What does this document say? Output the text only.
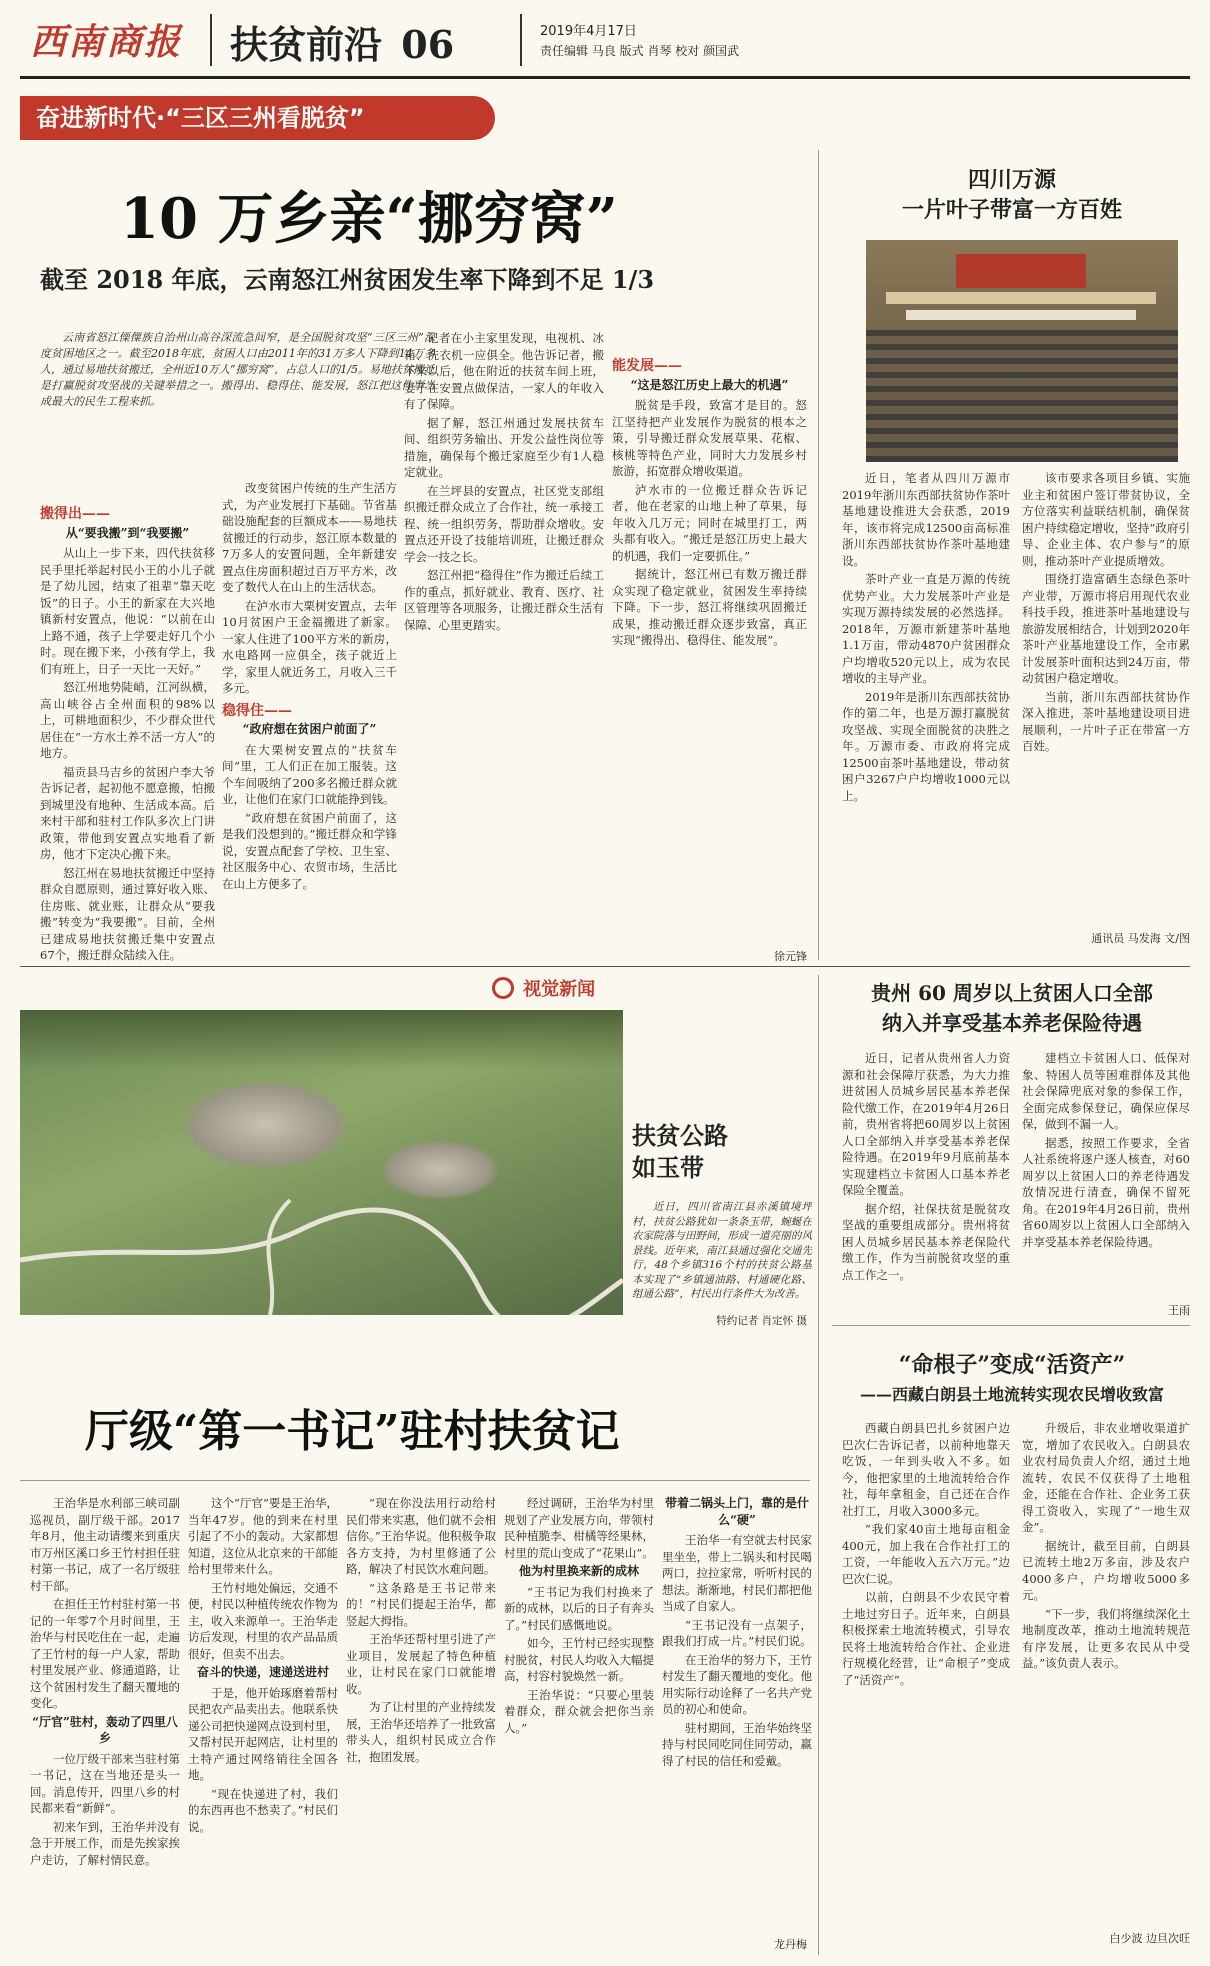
西南商报 扶贫前沿 06	2019年4月17日
责任编辑 马良 版式 肖琴 校对 颜国武
奋进新时代·“三区三州看脱贫”
10 万乡亲“挪穷窝”
截至 2018 年底，云南怒江州贫困发生率下降到不足 1/3

云南省怒江傈僳族自治州山高谷深流急间窄，是全国脱贫攻坚“三区三州”深度贫困地区之一。截至2018年底，贫困人口由2011年的31万多人下降到14万多人，通过易地扶贫搬迁，全州近10万人“挪穷窝”，占总人口的1/5。易地扶贫搬迁是打赢脱贫攻坚战的关键举措之一。搬得出、稳得住、能发展，怒江把这件事当成最大的民生工程来抓。

搬得出——
从“要我搬”到“我要搬”

从山上一步下来，四代扶贫移民手里托举起村民小王的小儿子就是了幼儿园，结束了祖辈“靠天吃饭”的日子。小王的新家在大兴地镇新村安置点，他说：“以前在山上路不通，孩子上学要走好几个小时。现在搬下来，小孩有学上，我们有班上，日子一天比一天好。”

怒江州地势陡峭，江河纵横，高山峡谷占全州面积的98%以上，可耕地面积少，不少群众世代居住在“一方水土养不活一方人”的地方。

福贡县马吉乡的贫困户李大爷告诉记者，起初他不愿意搬，怕搬到城里没有地种、生活成本高。后来村干部和驻村工作队多次上门讲政策，带他到安置点实地看了新房，他才下定决心搬下来。

怒江州在易地扶贫搬迁中坚持群众自愿原则，通过算好收入账、住房账、就业账，让群众从“要我搬”转变为“我要搬”。目前，全州已建成易地扶贫搬迁集中安置点67个，搬迁群众陆续入住。

改变贫困户传统的生产生活方式，为产业发展打下基础。节省基础设施配套的巨额成本——易地扶贫搬迁的行动步，怒江原本数量的7万多人的安置问题，全年新建安置点住房面积超过百万平方米，改变了数代人在山上的生活状态。

在泸水市大栗树安置点，去年10月贫困户王金福搬进了新家。一家人住进了100平方米的新房，水电路网一应俱全，孩子就近上学，家里人就近务工，月收入三千多元。

稳得住——
“政府想在贫困户前面了”

在大栗树安置点的“扶贫车间”里，工人们正在加工服装。这个车间吸纳了200多名搬迁群众就业，让他们在家门口就能挣到钱。

“政府想在贫困户前面了，这是我们没想到的。”搬迁群众和学锋说，安置点配套了学校、卫生室、社区服务中心、农贸市场，生活比在山上方便多了。

记者在小主家里发现，电视机、冰箱、洗衣机一应俱全。他告诉记者，搬下来以后，他在附近的扶贫车间上班，妻子在安置点做保洁，一家人的年收入有了保障。

据了解，怒江州通过发展扶贫车间、组织劳务输出、开发公益性岗位等措施，确保每个搬迁家庭至少有1人稳定就业。

在兰坪县的安置点，社区党支部组织搬迁群众成立了合作社，统一承接工程、统一组织劳务，帮助群众增收。安置点还开设了技能培训班，让搬迁群众学会一技之长。

怒江州把“稳得住”作为搬迁后续工作的重点，抓好就业、教育、医疗、社区管理等各项服务，让搬迁群众生活有保障、心里更踏实。

能发展——
“这是怒江历史上最大的机遇”

脱贫是手段，致富才是目的。怒江坚持把产业发展作为脱贫的根本之策，引导搬迁群众发展草果、花椒、核桃等特色产业，同时大力发展乡村旅游，拓宽群众增收渠道。

泸水市的一位搬迁群众告诉记者，他在老家的山地上种了草果，每年收入几万元；同时在城里打工，两头都有收入。“搬迁是怒江历史上最大的机遇，我们一定要抓住。”

据统计，怒江州已有数万搬迁群众实现了稳定就业，贫困发生率持续下降。下一步，怒江将继续巩固搬迁成果，推动搬迁群众逐步致富，真正实现“搬得出、稳得住、能发展”。

徐元锋
四川万源
一片叶子带富一方百姓

近日，笔者从四川万源市2019年浙川东西部扶贫协作茶叶基地建设推进大会获悉，2019年，该市将完成12500亩高标准浙川东西部扶贫协作茶叶基地建设。

茶叶产业一直是万源的传统优势产业。大力发展茶叶产业是实现万源持续发展的必然选择。2018年，万源市新建茶叶基地1.1万亩，带动4870户贫困群众户均增收520元以上，成为农民增收的主导产业。

2019年是浙川东西部扶贫协作的第二年，也是万源打赢脱贫攻坚战、实现全面脱贫的决胜之年。万源市委、市政府将完成12500亩茶叶基地建设，带动贫困户3267户户均增收1000元以上。

该市要求各项目乡镇、实施业主和贫困户签订带贫协议，全方位落实利益联结机制，确保贫困户持续稳定增收，坚持“政府引导、企业主体、农户参与”的原则，推动茶叶产业提质增效。

围绕打造富硒生态绿色茶叶产业带，万源市将启用现代农业科技手段，推进茶叶基地建设与旅游发展相结合，计划到2020年茶叶产业基地建设工作，全市累计发展茶叶面积达到24万亩，带动贫困户稳定增收。

当前，浙川东西部扶贫协作深入推进，茶叶基地建设项目进展顺利，一片叶子正在带富一方百姓。

通讯员 马发海 文/图
视觉新闻
扶贫公路
如玉带

近日，四川省南江县赤溪镇境坪村，扶贫公路犹如一条条玉带，蜿蜒在农家院落与田野间，形成一道亮丽的风景线。近年来，南江县通过强化交通先行，48个乡镇316个村的扶贫公路基本实现了“乡镇通油路、村通硬化路、组通公路”，村民出行条件大为改善。

特约记者 肖定怀 摄
贵州 60 周岁以上贫困人口全部
纳入并享受基本养老保险待遇

近日，记者从贵州省人力资源和社会保障厅获悉，为大力推进贫困人员城乡居民基本养老保险代缴工作，在2019年4月26日前，贵州省将把60周岁以上贫困人口全部纳入并享受基本养老保险待遇。在2019年9月底前基本实现建档立卡贫困人口基本养老保险全覆盖。

据介绍，社保扶贫是脱贫攻坚战的重要组成部分。贵州将贫困人员城乡居民基本养老保险代缴工作，作为当前脱贫攻坚的重点工作之一。

建档立卡贫困人口、低保对象、特困人员等困难群体及其他社会保障兜底对象的参保工作，全面完成参保登记，确保应保尽保，做到不漏一人。

据悉，按照工作要求，全省人社系统将逐户逐人核查，对60周岁以上贫困人口的养老待遇发放情况进行清查，确保不留死角。在2019年4月26日前，贵州省60周岁以上贫困人口全部纳入并享受基本养老保险待遇。

王雨
“命根子”变成“活资产”
——西藏白朗县土地流转实现农民增收致富

西藏白朗县巴扎乡贫困户边巴次仁告诉记者，以前种地靠天吃饭，一年到头收入不多。如今，他把家里的土地流转给合作社，每年拿租金，自己还在合作社打工，月收入3000多元。

“我们家40亩土地每亩租金400元，加上我在合作社打工的工资，一年能收入五六万元。”边巴次仁说。

以前，白朗县不少农民守着土地过穷日子。近年来，白朗县积极探索土地流转模式，引导农民将土地流转给合作社、企业进行规模化经营，让“命根子”变成了“活资产”。

升级后，非农业增收渠道扩宽，增加了农民收入。白朗县农业农村局负责人介绍，通过土地流转，农民不仅获得了土地租金，还能在合作社、企业务工获得工资收入，实现了“一地生双金”。

据统计，截至目前，白朗县已流转土地2万多亩，涉及农户4000多户，户均增收5000多元。

“下一步，我们将继续深化土地制度改革，推动土地流转规范有序发展，让更多农民从中受益。”该负责人表示。

白少波 边旦次旺
厅级“第一书记”驻村扶贫记

王治华是水利部三峡司副巡视员，副厅级干部。2017年8月，他主动请缨来到重庆市万州区溪口乡王竹村担任驻村第一书记，成了一名厅级驻村干部。

在担任王竹村驻村第一书记的一年零7个月时间里，王治华与村民吃住在一起，走遍了王竹村的每一户人家，帮助村里发展产业、修通道路，让这个贫困村发生了翻天覆地的变化。

“厅官”驻村，轰动了四里八乡

一位厅级干部来当驻村第一书记，这在当地还是头一回。消息传开，四里八乡的村民都来看“新鲜”。

初来乍到，王治华并没有急于开展工作，而是先挨家挨户走访，了解村情民意。

这个“厅官”要是王治华，当年47岁。他的到来在村里引起了不小的轰动。大家都想知道，这位从北京来的干部能给村里带来什么。

王竹村地处偏远，交通不便，村民以种植传统农作物为主，收入来源单一。王治华走访后发现，村里的农产品品质很好，但卖不出去。

奋斗的快递，速递送进村

于是，他开始琢磨着帮村民把农产品卖出去。他联系快递公司把快递网点设到村里，又帮村民开起网店，让村里的土特产通过网络销往全国各地。

“现在快递进了村，我们的东西再也不愁卖了。”村民们说。

“现在你没法用行动给村民们带来实惠，他们就不会相信你。”王治华说。他积极争取各方支持，为村里修通了公路，解决了村民饮水难问题。

“这条路是王书记带来的！”村民们提起王治华，都竖起大拇指。

王治华还帮村里引进了产业项目，发展起了特色种植业，让村民在家门口就能增收。

为了让村里的产业持续发展，王治华还培养了一批致富带头人，组织村民成立合作社，抱团发展。

经过调研，王治华为村里规划了产业发展方向，带领村民种植脆李、柑橘等经果林，村里的荒山变成了“花果山”。

他为村里换来新的成林

“王书记为我们村换来了新的成林，以后的日子有奔头了。”村民们感慨地说。

如今，王竹村已经实现整村脱贫，村民人均收入大幅提高，村容村貌焕然一新。

王治华说：“只要心里装着群众，群众就会把你当亲人。”

带着二锅头上门，靠的是什么“硬”

王治华一有空就去村民家里坐坐，带上二锅头和村民喝两口，拉拉家常，听听村民的想法。渐渐地，村民们都把他当成了自家人。

“王书记没有一点架子，跟我们打成一片。”村民们说。

在王治华的努力下，王竹村发生了翻天覆地的变化。他用实际行动诠释了一名共产党员的初心和使命。

驻村期间，王治华始终坚持与村民同吃同住同劳动，赢得了村民的信任和爱戴。

龙丹梅
